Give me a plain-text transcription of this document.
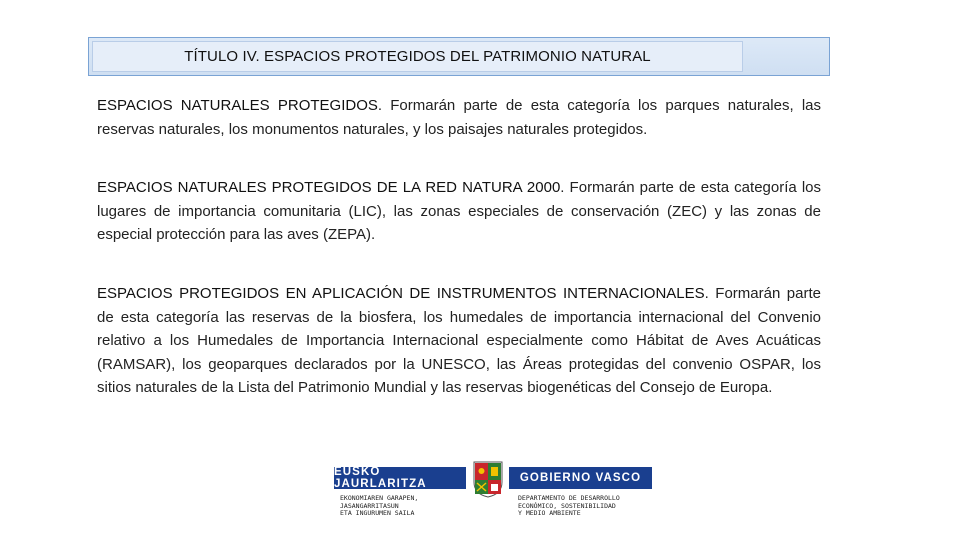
TÍTULO IV. ESPACIOS PROTEGIDOS DEL PATRIMONIO NATURAL
ESPACIOS NATURALES PROTEGIDOS. Formarán parte de esta categoría los parques naturales, las reservas naturales, los monumentos naturales, y los paisajes naturales protegidos.
ESPACIOS NATURALES PROTEGIDOS DE LA RED NATURA 2000. Formarán parte de esta categoría los lugares de importancia comunitaria (LIC), las zonas especiales de conservación (ZEC) y las zonas de especial protección para las aves (ZEPA).
ESPACIOS PROTEGIDOS EN APLICACIÓN DE INSTRUMENTOS INTERNACIONALES. Formarán parte de esta categoría las reservas de la biosfera, los humedales de importancia internacional del Convenio relativo a los Humedales de Importancia Internacional especialmente como Hábitat de Aves Acuáticas (RAMSAR), los geoparques declarados por la UNESCO, las Áreas protegidas del convenio OSPAR, los sitios naturales de la Lista del Patrimonio Mundial y las reservas biogenéticas del Consejo de Europa.
EUSKO JAURLARITZA	GOBIERNO VASCO
EKONOMIAREN GARAPEN,
JASANGARRITASUN
ETA INGURUMEN SAILA
DEPARTAMENTO DE DESARROLLO
ECONÓMICO, SOSTENIBILIDAD
Y MEDIO AMBIENTE
